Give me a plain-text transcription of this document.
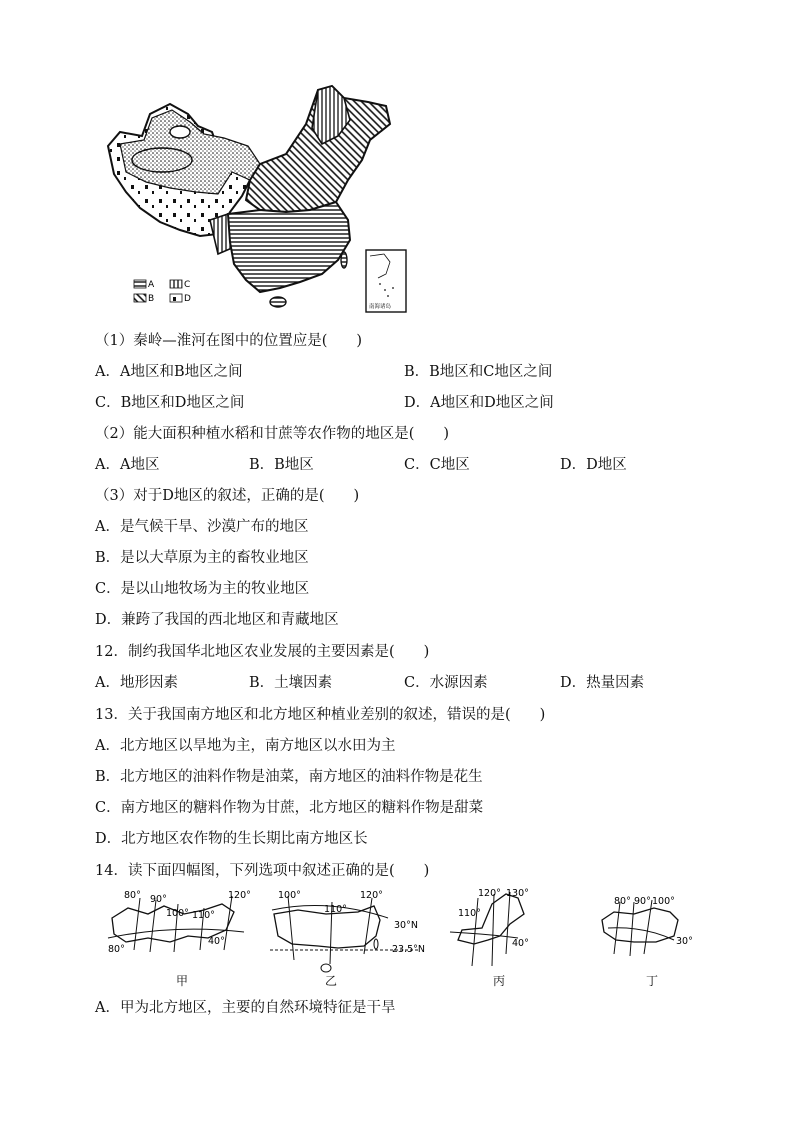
A	C
B	D
南海诸岛
（1）秦岭—淮河在图中的位置应是(　　)
A．A地区和B地区之间	B．B地区和C地区之间
C．B地区和D地区之间	D．A地区和D地区之间
（2）能大面积种植水稻和甘蔗等农作物的地区是(　　)
A．A地区	B．B地区	C．C地区	D．D地区
（3）对于D地区的叙述，正确的是(　　)
A．是气候干旱、沙漠广布的地区
B．是以大草原为主的畜牧业地区
C．是以山地牧场为主的牧业地区
D．兼跨了我国的西北地区和青藏地区
12．制约我国华北地区农业发展的主要因素是(　　)
A．地形因素	B．土壤因素	C．水源因素	D．热量因素
13．关于我国南方地区和北方地区种植业差别的叙述，错误的是(　　)
A．北方地区以旱地为主，南方地区以水田为主
B．北方地区的油料作物是油菜，南方地区的油料作物是花生
C．南方地区的糖料作物为甘蔗，北方地区的糖料作物是甜菜
D．北方地区农作物的生长期比南方地区长
14．读下面四幅图，下列选项中叙述正确的是(　　)
80° 90°
100° 110°
120°
40°
80°
甲
100°
110°
120°
30°N
23.5°N
乙
120° 130°
110°
40°
丙
80° 90° 100°
30°
丁
A．甲为北方地区，主要的自然环境特征是干旱
